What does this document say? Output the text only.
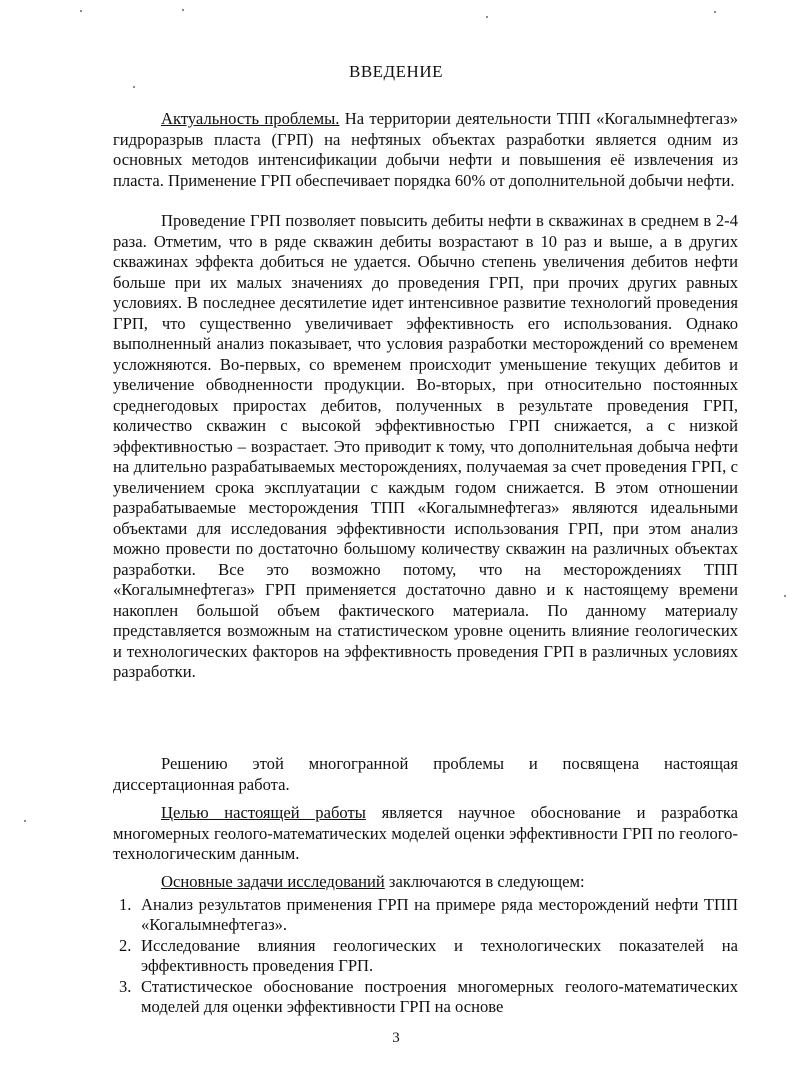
ВВЕДЕНИЕ

Актуальность проблемы. На территории деятельности ТПП «Когалымнефтегаз» гидроразрыв пласта (ГРП) на нефтяных объектах разработки является одним из основных методов интенсификации добычи нефти и повышения её извлечения из пласта. Применение ГРП обеспечивает порядка 60% от дополнительной добычи нефти.

Проведение ГРП позволяет повысить дебиты нефти в скважинах в среднем в 2-4 раза. Отметим, что в ряде скважин дебиты возрастают в 10 раз и выше, а в других скважинах эффекта добиться не удается. Обычно степень увеличения дебитов нефти больше при их малых значениях до проведения ГРП, при прочих других равных условиях. В последнее десятилетие идет интенсивное развитие технологий проведения ГРП, что существенно увеличивает эффективность его использования. Однако выполненный анализ показывает, что условия разработки месторождений со временем усложняются. Во-первых, со временем происходит уменьшение текущих дебитов и увеличение обводненности продукции. Во-вторых, при относительно постоянных среднегодовых приростах дебитов, полученных в результате проведения ГРП, количество скважин с высокой эффективностью ГРП снижается, а с низкой эффективностью – возрастает. Это приводит к тому, что дополнительная добыча нефти на длительно разрабатываемых месторождениях, получаемая за счет проведения ГРП, с увеличением срока эксплуатации с каждым годом снижается. В этом отношении разрабатываемые месторождения ТПП «Когалымнефтегаз» являются идеальными объектами для исследования эффективности использования ГРП, при этом анализ можно провести по достаточно большому количеству скважин на различных объектах разработки. Все это возможно потому, что на месторождениях ТПП «Когалымнефтегаз» ГРП применяется достаточно давно и к настоящему времени накоплен большой объем фактического материала. По данному материалу представляется возможным на статистическом уровне оценить влияние геологических и технологических факторов на эффективность проведения ГРП в различных условиях разработки.

Решению этой многогранной проблемы и посвящена настоящая диссертационная работа.

Целью настоящей работы является научное обоснование и разработка многомерных геолого-математических моделей оценки эффективности ГРП по геолого-технологическим данным.

Основные задачи исследований заключаются в следующем:

1. Анализ результатов применения ГРП на примере ряда месторождений нефти ТПП «Когалымнефтегаз».
2. Исследование влияния геологических и технологических показателей на эффективность проведения ГРП.
3. Статистическое обоснование построения многомерных геолого-математических моделей для оценки эффективности ГРП на основе
3
